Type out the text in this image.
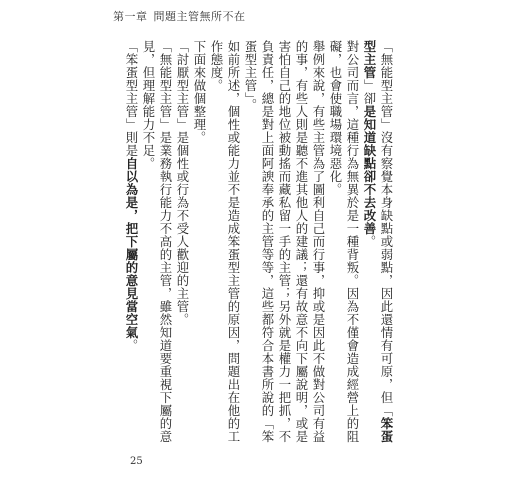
第一章 問題主管無所不在

「無能型主管」沒有察覺本身缺點或弱點，因此還情有可原，但「笨蛋型主管」卻是知道缺點卻不去改善。

對公司而言，這種行為無異於是一種背叛。因為不僅會造成經營上的阻礙，也會使職場環境惡化。

舉例來說，有些主管為了圖利自己而行事，抑或是因此不做對公司有益的事，有些人則是聽不進其他人的建議；還有故意不向下屬說明，或是害怕自己的地位被動搖而藏私留一手的主管；另外就是權力一把抓，不負責任，總是對上面阿諛奉承的主管等等，這些都符合本書所說的「笨蛋型主管」。

如前所述，個性或能力並不是造成笨蛋型主管的原因，問題出在他的工作態度。

下面來做個整理。

「討厭型主管」是個性或行為不受人歡迎的主管。

「無能型主管」是業務執行能力不高的主管，雖然知道要重視下屬的意見，但理解能力不足。

「笨蛋型主管」則是自以為是，把下屬的意見當空氣。

25
